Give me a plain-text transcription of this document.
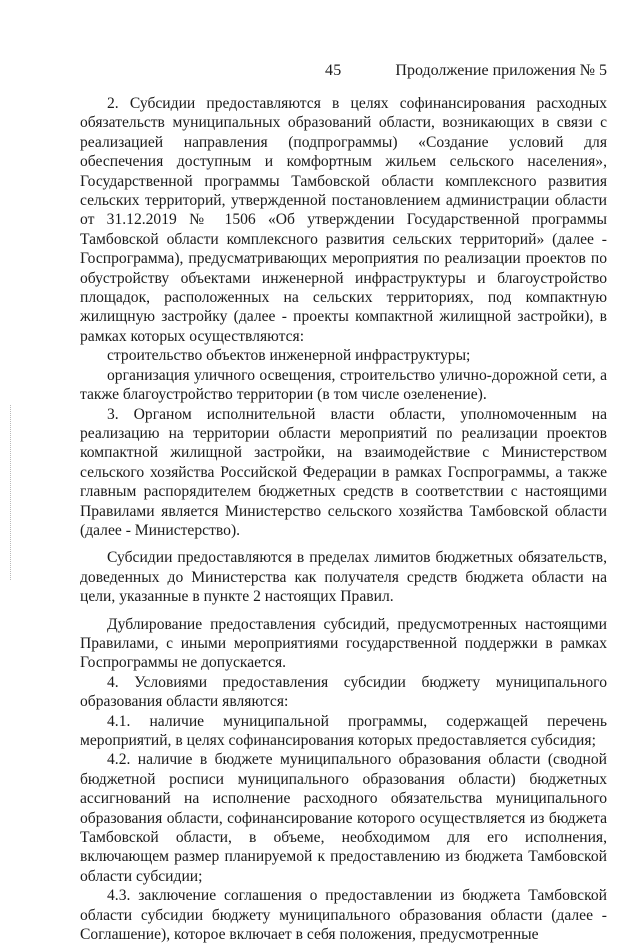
45	Продолжение приложения № 5

2. Субсидии предоставляются в целях софинансирования расходных обязательств муниципальных образований области, возникающих в связи с реализацией направления (подпрограммы) «Создание условий для обеспечения доступным и комфортным жильем сельского населения», Государственной программы Тамбовской области комплексного развития сельских территорий, утвержденной постановлением администрации области от 31.12.2019 № 1506 «Об утверждении Государственной программы Тамбовской области комплексного развития сельских территорий» (далее - Госпрограмма), предусматривающих мероприятия по реализации проектов по обустройству объектами инженерной инфраструктуры и благоустройство площадок, расположенных на сельских территориях, под компактную жилищную застройку (далее - проекты компактной жилищной застройки), в рамках которых осуществляются:

строительство объектов инженерной инфраструктуры;

организация уличного освещения, строительство улично-дорожной сети, а также благоустройство территории (в том числе озеленение).

3. Органом исполнительной власти области, уполномоченным на реализацию на территории области мероприятий по реализации проектов компактной жилищной застройки, на взаимодействие с Министерством сельского хозяйства Российской Федерации в рамках Госпрограммы, а также главным распорядителем бюджетных средств в соответствии с настоящими Правилами является Министерство сельского хозяйства Тамбовской области (далее - Министерство).

Субсидии предоставляются в пределах лимитов бюджетных обязательств, доведенных до Министерства как получателя средств бюджета области на цели, указанные в пункте 2 настоящих Правил.

Дублирование предоставления субсидий, предусмотренных настоящими Правилами, с иными мероприятиями государственной поддержки в рамках Госпрограммы не допускается.

4. Условиями предоставления субсидии бюджету муниципального образования области являются:

4.1. наличие муниципальной программы, содержащей перечень мероприятий, в целях софинансирования которых предоставляется субсидия;

4.2. наличие в бюджете муниципального образования области (сводной бюджетной росписи муниципального образования области) бюджетных ассигнований на исполнение расходного обязательства муниципального образования области, софинансирование которого осуществляется из бюджета Тамбовской области, в объеме, необходимом для его исполнения, включающем размер планируемой к предоставлению из бюджета Тамбовской области субсидии;

4.3. заключение соглашения о предоставлении из бюджета Тамбовской области субсидии бюджету муниципального образования области (далее - Соглашение), которое включает в себя положения, предусмотренные
